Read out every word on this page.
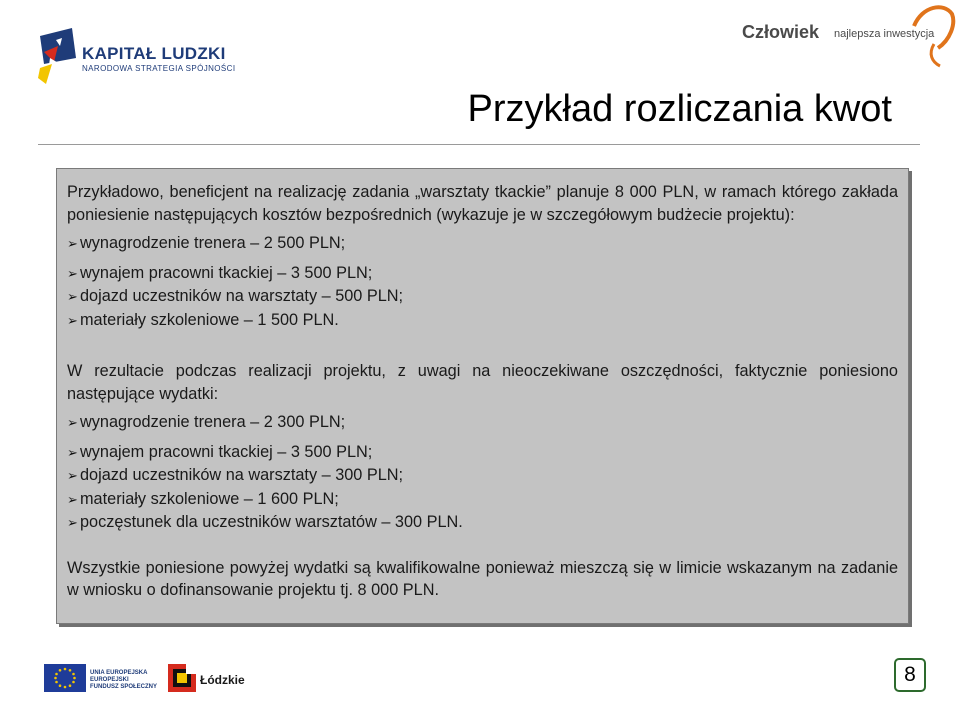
KAPITAŁ LUDZKI
NARODOWA STRATEGIA SPÓJNOŚCI
Człowiek najlepsza inwestycja
Przykład rozliczania kwot

Przykładowo, beneficjent na realizację zadania „warsztaty tkackie” planuje 8 000 PLN, w ramach którego zakłada poniesienie następujących kosztów bezpośrednich (wykazuje je w szczegółowym budżecie projektu):

➢ wynagrodzenie trenera – 2 500 PLN;
➢ wynajem pracowni tkackiej – 3 500 PLN;
➢ dojazd uczestników na warsztaty – 500 PLN;
➢ materiały szkoleniowe – 1 500 PLN.

W rezultacie podczas realizacji projektu, z uwagi na nieoczekiwane oszczędności, faktycznie poniesiono następujące wydatki:

➢ wynagrodzenie trenera – 2 300 PLN;
➢ wynajem pracowni tkackiej – 3 500 PLN;
➢ dojazd uczestników na warsztaty – 300 PLN;
➢ materiały szkoleniowe – 1 600 PLN;
➢ poczęstunek dla uczestników warsztatów – 300 PLN.

Wszystkie poniesione powyżej wydatki są kwalifikowalne ponieważ mieszczą się w limicie wskazanym na zadanie w wniosku o dofinansowanie projektu tj. 8 000 PLN.

UNIA EUROPEJSKA
EUROPEJSKI
FUNDUSZ SPOŁECZNY	Łódzkie	8
